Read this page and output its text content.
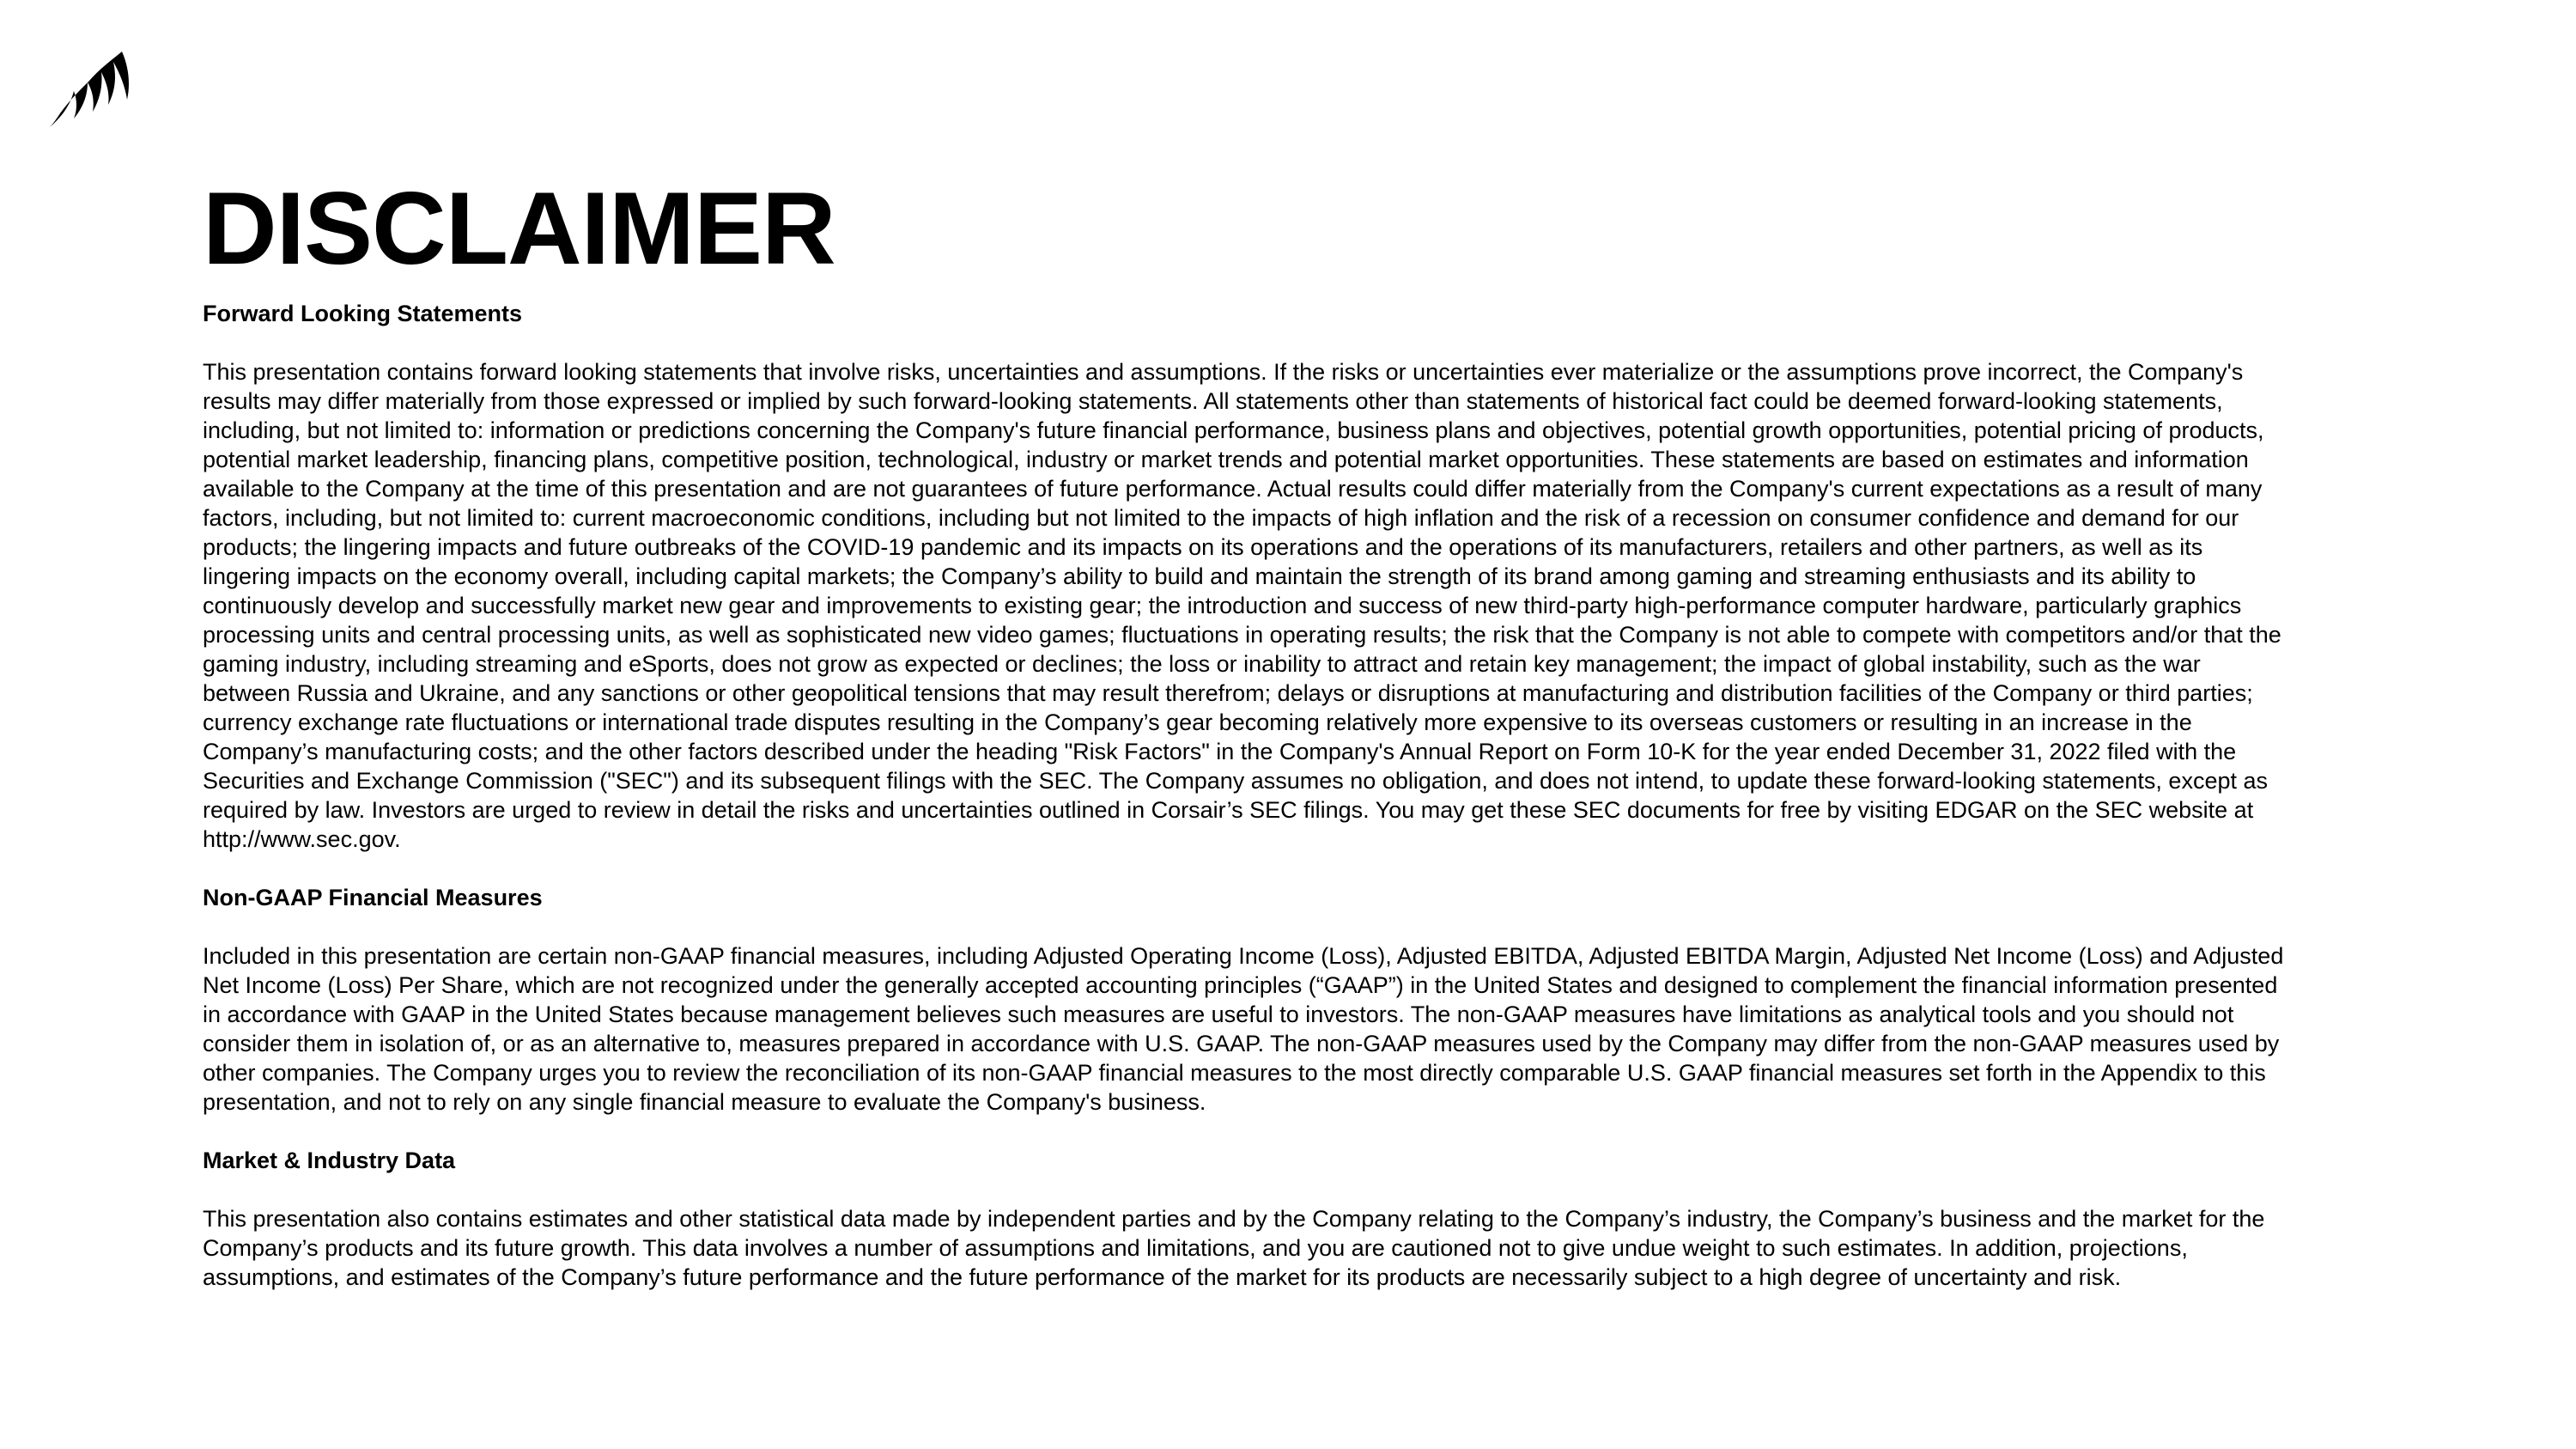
DISCLAIMER
Forward Looking Statements
This presentation contains forward looking statements that involve risks, uncertainties and assumptions. If the risks or uncertainties ever materialize or the assumptions prove incorrect, the Company's
results may differ materially from those expressed or implied by such forward-looking statements. All statements other than statements of historical fact could be deemed forward-looking statements,
including, but not limited to: information or predictions concerning the Company's future financial performance, business plans and objectives, potential growth opportunities, potential pricing of products,
potential market leadership, financing plans, competitive position, technological, industry or market trends and potential market opportunities. These statements are based on estimates and information
available to the Company at the time of this presentation and are not guarantees of future performance. Actual results could differ materially from the Company's current expectations as a result of many
factors, including, but not limited to: current macroeconomic conditions, including but not limited to the impacts of high inflation and the risk of a recession on consumer confidence and demand for our
products; the lingering impacts and future outbreaks of the COVID-19 pandemic and its impacts on its operations and the operations of its manufacturers, retailers and other partners, as well as its
lingering impacts on the economy overall, including capital markets; the Company’s ability to build and maintain the strength of its brand among gaming and streaming enthusiasts and its ability to
continuously develop and successfully market new gear and improvements to existing gear; the introduction and success of new third-party high-performance computer hardware, particularly graphics
processing units and central processing units, as well as sophisticated new video games; fluctuations in operating results; the risk that the Company is not able to compete with competitors and/or that the
gaming industry, including streaming and eSports, does not grow as expected or declines; the loss or inability to attract and retain key management; the impact of global instability, such as the war
between Russia and Ukraine, and any sanctions or other geopolitical tensions that may result therefrom; delays or disruptions at manufacturing and distribution facilities of the Company or third parties;
currency exchange rate fluctuations or international trade disputes resulting in the Company’s gear becoming relatively more expensive to its overseas customers or resulting in an increase in the
Company’s manufacturing costs; and the other factors described under the heading "Risk Factors" in the Company's Annual Report on Form 10-K for the year ended December 31, 2022 filed with the
Securities and Exchange Commission ("SEC") and its subsequent filings with the SEC. The Company assumes no obligation, and does not intend, to update these forward-looking statements, except as
required by law. Investors are urged to review in detail the risks and uncertainties outlined in Corsair’s SEC filings. You may get these SEC documents for free by visiting EDGAR on the SEC website at
http://www.sec.gov.
Non-GAAP Financial Measures
Included in this presentation are certain non-GAAP financial measures, including Adjusted Operating Income (Loss), Adjusted EBITDA, Adjusted EBITDA Margin, Adjusted Net Income (Loss) and Adjusted
Net Income (Loss) Per Share, which are not recognized under the generally accepted accounting principles (“GAAP”) in the United States and designed to complement the financial information presented
in accordance with GAAP in the United States because management believes such measures are useful to investors. The non-GAAP measures have limitations as analytical tools and you should not
consider them in isolation of, or as an alternative to, measures prepared in accordance with U.S. GAAP. The non-GAAP measures used by the Company may differ from the non-GAAP measures used by
other companies. The Company urges you to review the reconciliation of its non-GAAP financial measures to the most directly comparable U.S. GAAP financial measures set forth in the Appendix to this
presentation, and not to rely on any single financial measure to evaluate the Company's business.
Market & Industry Data
This presentation also contains estimates and other statistical data made by independent parties and by the Company relating to the Company’s industry, the Company’s business and the market for the
Company’s products and its future growth. This data involves a number of assumptions and limitations, and you are cautioned not to give undue weight to such estimates. In addition, projections,
assumptions, and estimates of the Company’s future performance and the future performance of the market for its products are necessarily subject to a high degree of uncertainty and risk.
